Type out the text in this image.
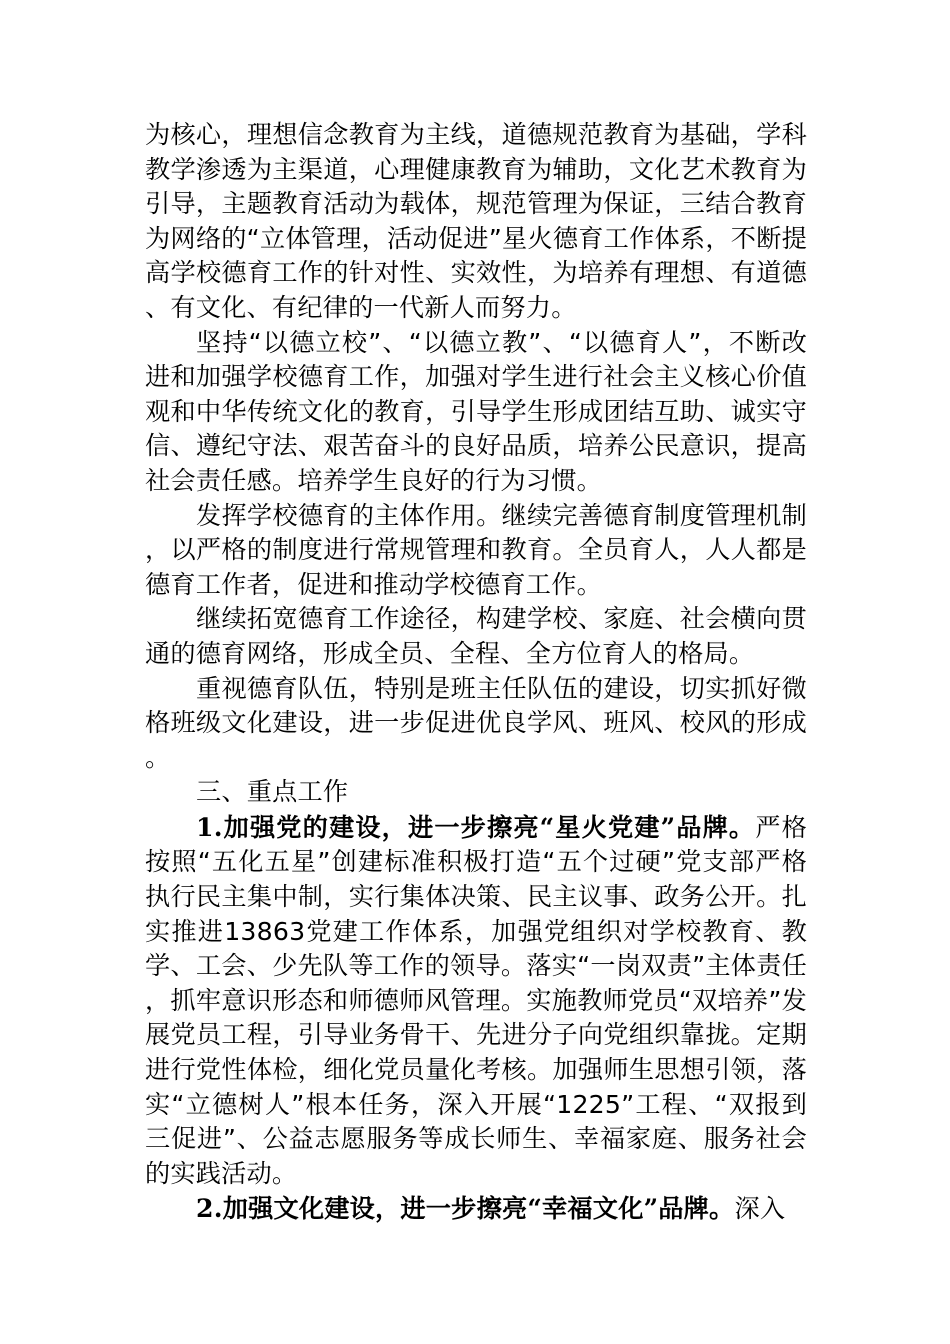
为核心，理想信念教育为主线，道德规范教育为基础，学科教学渗透为主渠道，心理健康教育为辅助，文化艺术教育为引导，主题教育活动为载体，规范管理为保证，三结合教育为网络的“立体管理，活动促进”星火德育工作体系，不断提高学校德育工作的针对性、实效性，为培养有理想、有道德、有文化、有纪律的一代新人而努力。

坚持“以德立校”、“以德立教”、“以德育人”，不断改进和加强学校德育工作，加强对学生进行社会主义核心价值观和中华传统文化的教育，引导学生形成团结互助、诚实守信、遵纪守法、艰苦奋斗的良好品质，培养公民意识，提高社会责任感。培养学生良好的行为习惯。

发挥学校德育的主体作用。继续完善德育制度管理机制，以严格的制度进行常规管理和教育。全员育人，人人都是德育工作者，促进和推动学校德育工作。

继续拓宽德育工作途径，构建学校、家庭、社会横向贯通的德育网络，形成全员、全程、全方位育人的格局。

重视德育队伍，特别是班主任队伍的建设，切实抓好微格班级文化建设，进一步促进优良学风、班风、校风的形成。

三、重点工作

1.加强党的建设，进一步擦亮“星火党建”品牌。严格按照“五化五星”创建标准积极打造“五个过硬”党支部严格执行民主集中制，实行集体决策、民主议事、政务公开。扎实推进13863党建工作体系，加强党组织对学校教育、教学、工会、少先队等工作的领导。落实“一岗双责”主体责任，抓牢意识形态和师德师风管理。实施教师党员“双培养”发展党员工程，引导业务骨干、先进分子向党组织靠拢。定期进行党性体检，细化党员量化考核。加强师生思想引领，落实“立德树人”根本任务，深入开展“1225”工程、“双报到三促进”、公益志愿服务等成长师生、幸福家庭、服务社会的实践活动。

2.加强文化建设，进一步擦亮“幸福文化”品牌。深入
